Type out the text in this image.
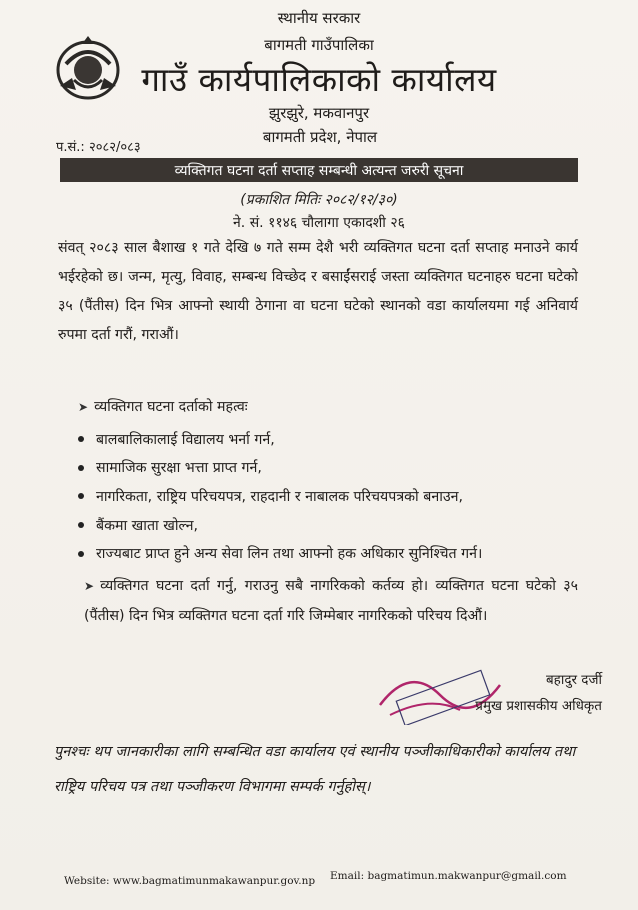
स्थानीय सरकार
बागमती गाउँपालिका
गाउँ कार्यपालिकाको कार्यालय
झुरझुरे, मकवानपुर
बागमती प्रदेश, नेपाल
प.सं.: २०८२/०८३
व्यक्तिगत घटना दर्ता सप्ताह सम्बन्धी अत्यन्त जरुरी सूचना
(प्रकाशित मितिः २०८२/१२/३०)
ने. सं. ११४६ चौलागा एकादशी २६
संवत् २०८३ साल बैशाख १ गते देखि ७ गते सम्म देशै भरी व्यक्तिगत घटना दर्ता सप्ताह मनाउने कार्य भईरहेको छ। जन्म, मृत्यु, विवाह, सम्बन्ध विच्छेद र बसाईंसराई जस्ता व्यक्तिगत घटनाहरु घटना घटेको ३५ (पैंतीस) दिन भित्र आफ्नो स्थायी ठेगाना वा घटना घटेको स्थानको वडा कार्यालयमा गई अनिवार्य रुपमा दर्ता गरौं, गराऔं।
➤ व्यक्तिगत घटना दर्ताको महत्वः
बालबालिकालाई विद्यालय भर्ना गर्न,
सामाजिक सुरक्षा भत्ता प्राप्त गर्न,
नागरिकता, राष्ट्रिय परिचयपत्र, राहदानी र नाबालक परिचयपत्रको बनाउन,
बैंकमा खाता खोल्न,
राज्यबाट प्राप्त हुने अन्य सेवा लिन तथा आफ्नो हक अधिकार सुनिश्चित गर्न।
➤ व्यक्तिगत घटना दर्ता गर्नु, गराउनु सबै नागरिकको कर्तव्य हो। व्यक्तिगत घटना घटेको ३५ (पैंतीस) दिन भित्र व्यक्तिगत घटना दर्ता गरि जिम्मेबार नागरिकको परिचय दिऔं।
बहादुर दर्जी
प्रमुख प्रशासकीय अधिकृत
पुनश्चः थप जानकारीका लागि सम्बन्धित वडा कार्यालय एवं स्थानीय पञ्जीकाधिकारीको कार्यालय तथा राष्ट्रिय परिचय पत्र तथा पञ्जीकरण विभागमा सम्पर्क गर्नुहोस्।
Website: www.bagmatimunmakawanpur.gov.np Email: bagmatimun.makwanpur@gmail.com
